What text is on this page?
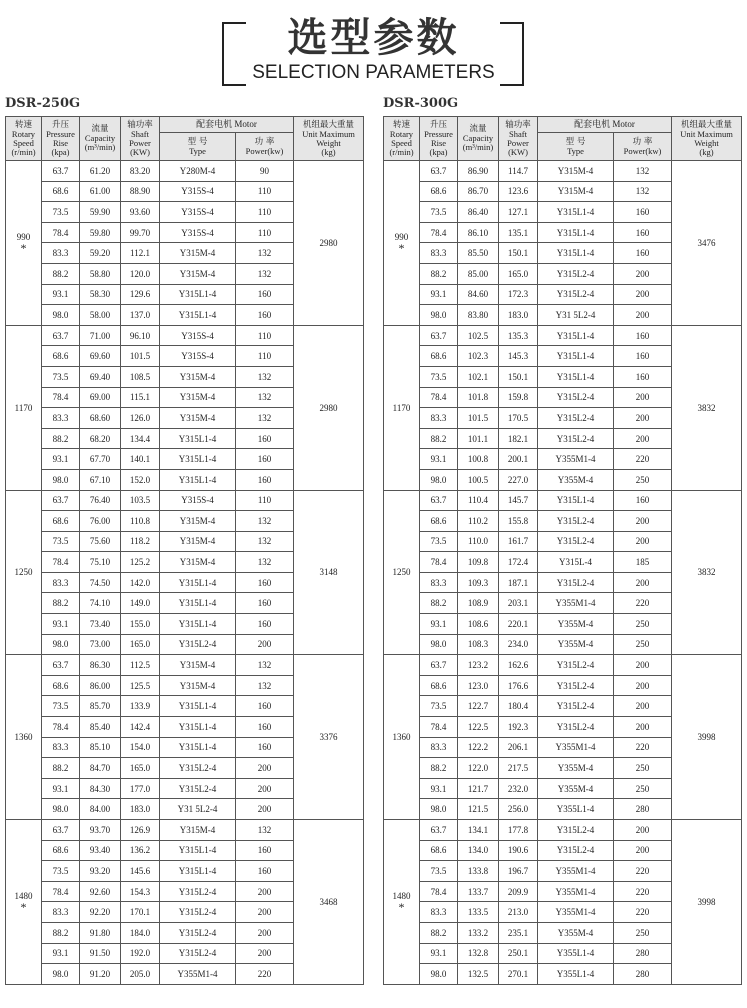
选型参数
SELECTION PARAMETERS
DSR-250G	DSR-300G
转速
Rotary
Speed
(r/min)	升压
Pressure
Rise
(kpa)	流量
Capacity
(m³/min)	轴功率
Shaft
Power
(KW)	配套电机 Motor		机组最大重量
Unit Maximum
Weight
(kg)

				型 号
Type	功 率
Power(kw)	

990
*	63.7	61.20	83.20	Y280M-4	90	2980
	68.6	61.00	88.90	Y315S-4	110	
	73.5	59.90	93.60	Y315S-4	110	
	78.4	59.80	99.70	Y315S-4	110	
	83.3	59.20	112.1	Y315M-4	132	
	88.2	58.80	120.0	Y315M-4	132	
	93.1	58.30	129.6	Y315L1-4	160	
	98.0	58.00	137.0	Y315L1-4	160	
1170	63.7	71.00	96.10	Y315S-4	110	2980
	68.6	69.60	101.5	Y315S-4	110	
	73.5	69.40	108.5	Y315M-4	132	
	78.4	69.00	115.1	Y315M-4	132	
	83.3	68.60	126.0	Y315M-4	132	
	88.2	68.20	134.4	Y315L1-4	160	
	93.1	67.70	140.1	Y315L1-4	160	
	98.0	67.10	152.0	Y315L1-4	160	
1250	63.7	76.40	103.5	Y315S-4	110	3148
	68.6	76.00	110.8	Y315M-4	132	
	73.5	75.60	118.2	Y315M-4	132	
	78.4	75.10	125.2	Y315M-4	132	
	83.3	74.50	142.0	Y315L1-4	160	
	88.2	74.10	149.0	Y315L1-4	160	
	93.1	73.40	155.0	Y315L1-4	160	
	98.0	73.00	165.0	Y315L2-4	200	
1360	63.7	86.30	112.5	Y315M-4	132	3376
	68.6	86.00	125.5	Y315M-4	132	
	73.5	85.70	133.9	Y315L1-4	160	
	78.4	85.40	142.4	Y315L1-4	160	
	83.3	85.10	154.0	Y315L1-4	160	
	88.2	84.70	165.0	Y315L2-4	200	
	93.1	84.30	177.0	Y315L2-4	200	
	98.0	84.00	183.0	Y31 5L2-4	200	
1480
*	63.7	93.70	126.9	Y315M-4	132	3468
	68.6	93.40	136.2	Y315L1-4	160	
	73.5	93.20	145.6	Y315L1-4	160	
	78.4	92.60	154.3	Y315L2-4	200	
	83.3	92.20	170.1	Y315L2-4	200	
	88.2	91.80	184.0	Y315L2-4	200	
	93.1	91.50	192.0	Y315L2-4	200	
	98.0	91.20	205.0	Y355M1-4	220	
转速
Rotary
Speed
(r/min)	升压
Pressure
Rise
(kpa)	流量
Capacity
(m³/min)	轴功率
Shaft
Power
(KW)	配套电机 Motor		机组最大重量
Unit Maximum
Weight
(kg)

				型 号
Type	功 率
Power(kw)	

990
*	63.7	86.90	114.7	Y315M-4	132	3476
	68.6	86.70	123.6	Y315M-4	132	
	73.5	86.40	127.1	Y315L1-4	160	
	78.4	86.10	135.1	Y315L1-4	160	
	83.3	85.50	150.1	Y315L1-4	160	
	88.2	85.00	165.0	Y315L2-4	200	
	93.1	84.60	172.3	Y315L2-4	200	
	98.0	83.80	183.0	Y31 5L2-4	200	
1170	63.7	102.5	135.3	Y315L1-4	160	3832
	68.6	102.3	145.3	Y315L1-4	160	
	73.5	102.1	150.1	Y315L1-4	160	
	78.4	101.8	159.8	Y315L2-4	200	
	83.3	101.5	170.5	Y315L2-4	200	
	88.2	101.1	182.1	Y315L2-4	200	
	93.1	100.8	200.1	Y355M1-4	220	
	98.0	100.5	227.0	Y355M-4	250	
1250	63.7	110.4	145.7	Y315L1-4	160	3832
	68.6	110.2	155.8	Y315L2-4	200	
	73.5	110.0	161.7	Y315L2-4	200	
	78.4	109.8	172.4	Y315L-4	185	
	83.3	109.3	187.1	Y315L2-4	200	
	88.2	108.9	203.1	Y355M1-4	220	
	93.1	108.6	220.1	Y355M-4	250	
	98.0	108.3	234.0	Y355M-4	250	
1360	63.7	123.2	162.6	Y315L2-4	200	3998
	68.6	123.0	176.6	Y315L2-4	200	
	73.5	122.7	180.4	Y315L2-4	200	
	78.4	122.5	192.3	Y315L2-4	200	
	83.3	122.2	206.1	Y355M1-4	220	
	88.2	122.0	217.5	Y355M-4	250	
	93.1	121.7	232.0	Y355M-4	250	
	98.0	121.5	256.0	Y355L1-4	280	
1480
*	63.7	134.1	177.8	Y315L2-4	200	3998
	68.6	134.0	190.6	Y315L2-4	200	
	73.5	133.8	196.7	Y355M1-4	220	
	78.4	133.7	209.9	Y355M1-4	220	
	83.3	133.5	213.0	Y355M1-4	220	
	88.2	133.2	235.1	Y355M-4	250	
	93.1	132.8	250.1	Y355L1-4	280	
	98.0	132.5	270.1	Y355L1-4	280	
